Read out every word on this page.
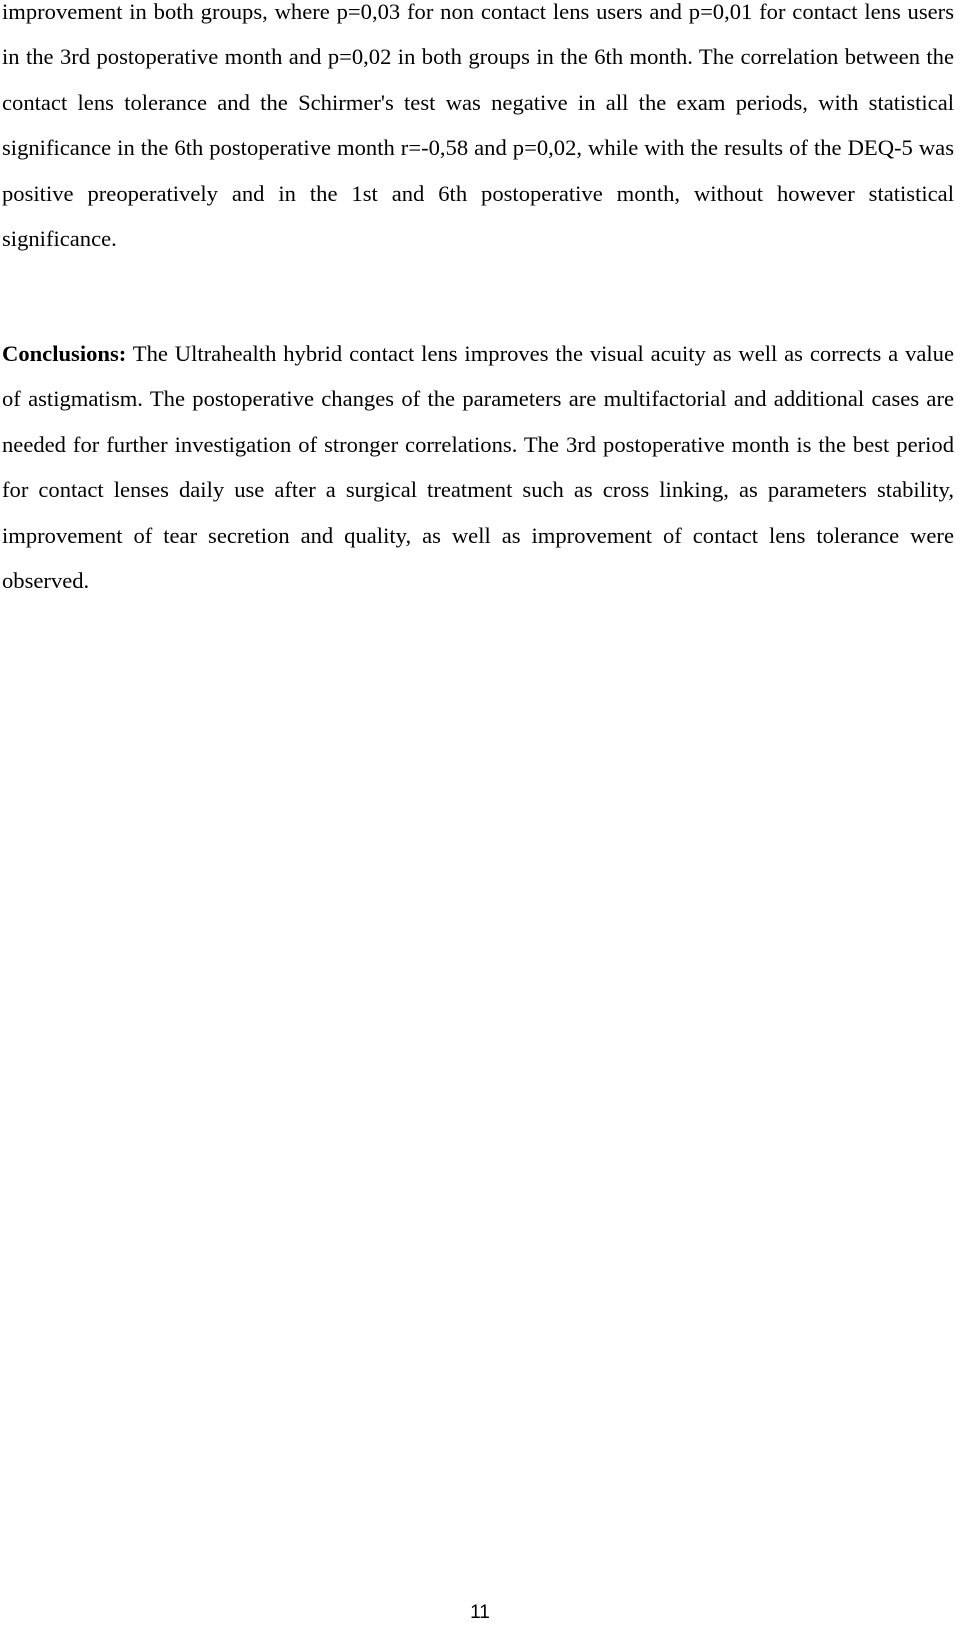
improvement in both groups, where p=0,03 for non contact lens users and p=0,01 for contact lens users in the 3rd postoperative month and p=0,02 in both groups in the 6th month. The correlation between the contact lens tolerance and the Schirmer's test was negative in all the exam periods, with statistical significance in the 6th postoperative month r=-0,58 and p=0,02, while with the results of the DEQ-5 was positive preoperatively and in the 1st and 6th postoperative month, without however statistical significance.

Conclusions: The Ultrahealth hybrid contact lens improves the visual acuity as well as corrects a value of astigmatism. The postoperative changes of the parameters are multifactorial and additional cases are needed for further investigation of stronger correlations. The 3rd postoperative month is the best period for contact lenses daily use after a surgical treatment such as cross linking, as parameters stability, improvement of tear secretion and quality, as well as improvement of contact lens tolerance were observed.

11
